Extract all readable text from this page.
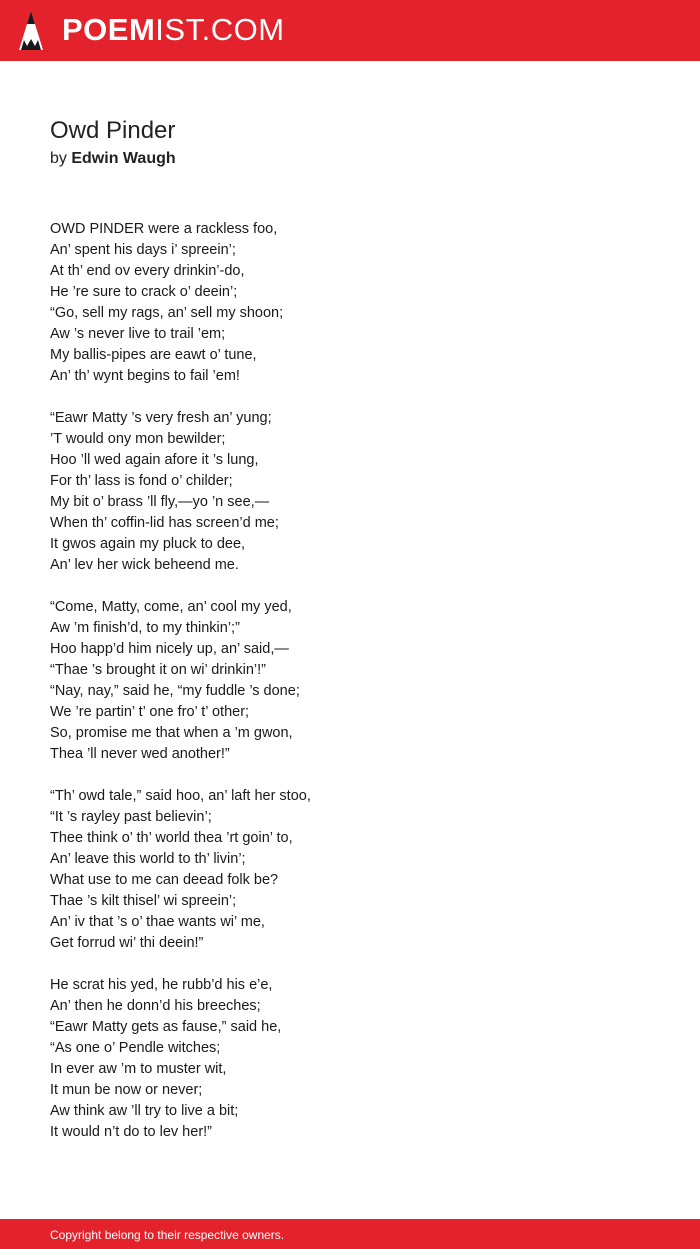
POEMIST.COM
Owd Pinder
by Edwin Waugh
OWD PINDER were a rackless foo,
An’ spent his days i’ spreein’;
At th’ end ov every drinkin’-do,
He ’re sure to crack o’ deein’;
“Go, sell my rags, an’ sell my shoon;
Aw ’s never live to trail ’em;
My ballis-pipes are eawt o’ tune,
An’ th’ wynt begins to fail ’em!
“Eawr Matty ’s very fresh an’ yung;
’T would ony mon bewilder;
Hoo ’ll wed again afore it ’s lung,
For th’ lass is fond o’ childer;
My bit o’ brass ’ll fly,—yo ’n see,—
When th’ coffin-lid has screen’d me;
It gwos again my pluck to dee,
An’ lev her wick beheend me.
“Come, Matty, come, an’ cool my yed,
Aw ’m finish’d, to my thinkin’;”
Hoo happ’d him nicely up, an’ said,—
“Thae ’s brought it on wi’ drinkin’!”
“Nay, nay,” said he, “my fuddle ’s done;
We ’re partin’ t’ one fro’ t’ other;
So, promise me that when a ’m gwon,
Thea ’ll never wed another!”
“Th’ owd tale,” said hoo, an’ laft her stoo,
“It ’s rayley past believin’;
Thee think o’ th’ world thea ’rt goin’ to,
An’ leave this world to th’ livin’;
What use to me can deead folk be?
Thae ’s kilt thisel’ wi spreein’;
An’ iv that ’s o’ thae wants wi’ me,
Get forrud wi’ thi deein!”
He scrat his yed, he rubb’d his e’e,
An’ then he donn’d his breeches;
“Eawr Matty gets as fause,” said he,
“As one o’ Pendle witches;
In ever aw ’m to muster wit,
It mun be now or never;
Aw think aw ’ll try to live a bit;
It would n’t do to lev her!”
Copyright belong to their respective owners.
